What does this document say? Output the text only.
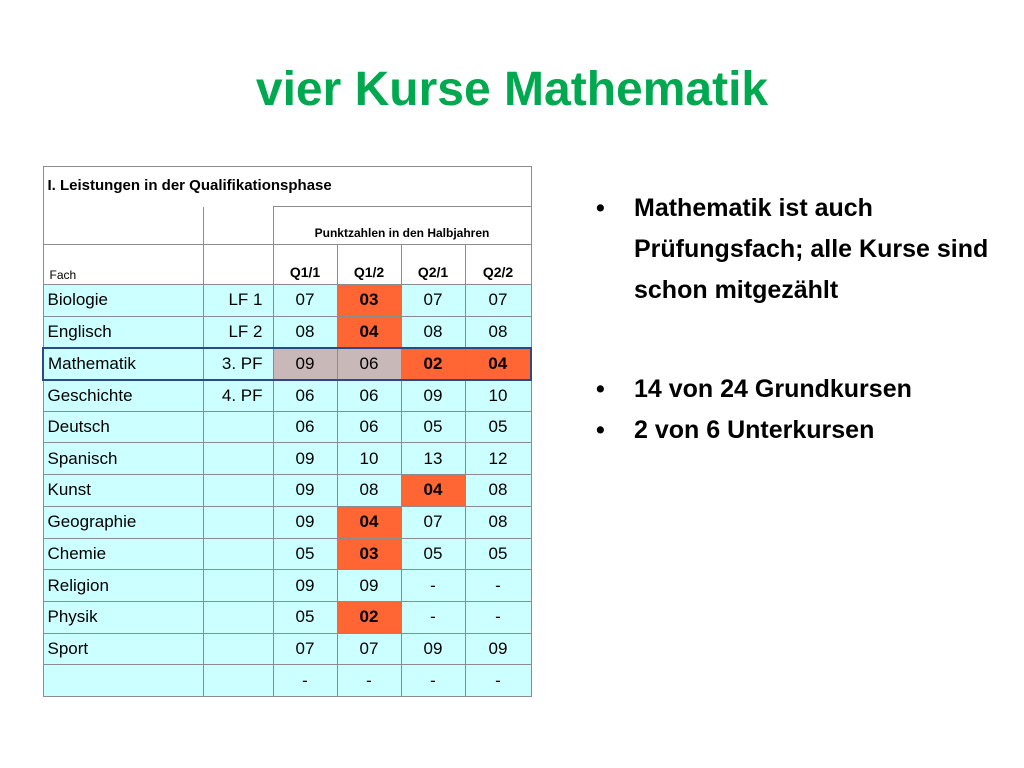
vier Kurse Mathematik
I. Leistungen in der Qualifikationsphase					
		Punktzahlen in den Halbjahren			
Fach		Q1/1	Q1/2	Q2/1	Q2/2
Biologie	LF 1	07	03	07	07
Englisch	LF 2	08	04	08	08
Mathematik	3. PF	09	06	02	04
Geschichte	4. PF	06	06	09	10
Deutsch		06	06	05	05
Spanisch		09	10	13	12
Kunst		09	08	04	08
Geographie		09	04	07	08
Chemie		05	03	05	05
Religion		09	09	-	-
Physik		05	02	-	-
Sport		07	07	09	09
		-	-	-	-
• Mathematik ist auch Prüfungsfach; alle Kurse sind schon mitgezählt
• 14 von 24 Grundkursen
• 2 von 6 Unterkursen
